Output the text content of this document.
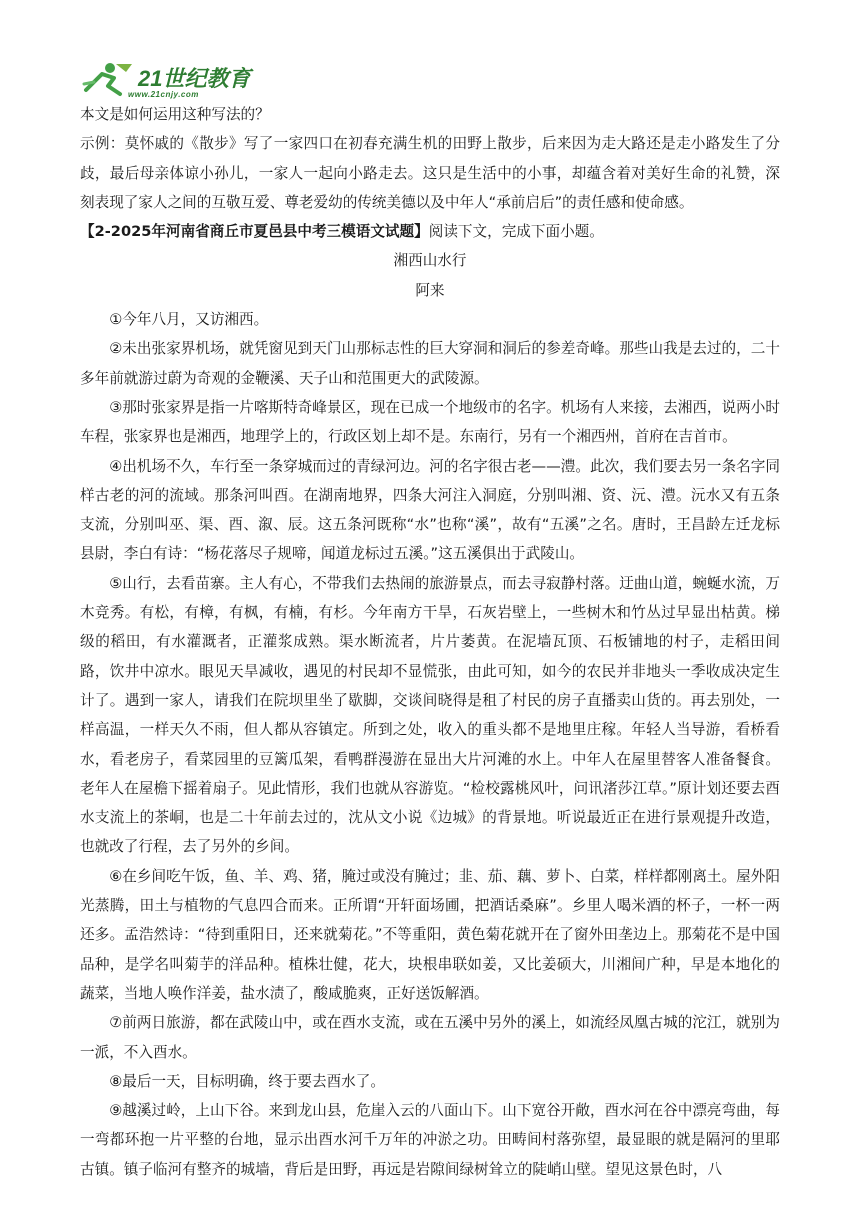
21世纪教育
www.21cnjy.com

本文是如何运用这种写法的？

示例：莫怀戚的《散步》写了一家四口在初春充满生机的田野上散步，后来因为走大路还是走小路发生了分歧，最后母亲体谅小孙儿，一家人一起向小路走去。这只是生活中的小事，却蕴含着对美好生命的礼赞，深刻表现了家人之间的互敬互爱、尊老爱幼的传统美德以及中年人“承前启后”的责任感和使命感。

【2-2025年河南省商丘市夏邑县中考三模语文试题】阅读下文，完成下面小题。

湘西山水行

阿来

①今年八月，又访湘西。

②未出张家界机场，就凭窗见到天门山那标志性的巨大穿洞和洞后的参差奇峰。那些山我是去过的，二十多年前就游过蔚为奇观的金鞭溪、天子山和范围更大的武陵源。

③那时张家界是指一片喀斯特奇峰景区，现在已成一个地级市的名字。机场有人来接，去湘西，说两小时车程，张家界也是湘西，地理学上的，行政区划上却不是。东南行，另有一个湘西州，首府在吉首市。

④出机场不久，车行至一条穿城而过的青绿河边。河的名字很古老——澧。此次，我们要去另一条名字同样古老的河的流域。那条河叫酉。在湖南地界，四条大河注入洞庭，分别叫湘、资、沅、澧。沅水又有五条支流，分别叫巫、渠、酉、溆、辰。这五条河既称“水”也称“溪”，故有“五溪”之名。唐时，王昌龄左迁龙标县尉，李白有诗：“杨花落尽子规啼，闻道龙标过五溪。”这五溪俱出于武陵山。

⑤山行，去看苗寨。主人有心，不带我们去热闹的旅游景点，而去寻寂静村落。迂曲山道，蜿蜒水流，万木竞秀。有松，有樟，有枫，有楠，有杉。今年南方干旱，石灰岩壁上，一些树木和竹丛过早显出枯黄。梯级的稻田，有水灌溉者，正灌浆成熟。渠水断流者，片片萎黄。在泥墙瓦顶、石板铺地的村子，走稻田间路，饮井中凉水。眼见天旱减收，遇见的村民却不显慌张，由此可知，如今的农民并非地头一季收成决定生计了。遇到一家人，请我们在院坝里坐了歇脚，交谈间晓得是租了村民的房子直播卖山货的。再去别处，一样高温，一样天久不雨，但人都从容镇定。所到之处，收入的重头都不是地里庄稼。年轻人当导游，看桥看水，看老房子，看菜园里的豆篱瓜架，看鸭群漫游在显出大片河滩的水上。中年人在屋里替客人准备餐食。老年人在屋檐下摇着扇子。见此情形，我们也就从容游览。“检校露桃风叶，问讯渚莎江草。”原计划还要去酉水支流上的茶峒，也是二十年前去过的，沈从文小说《边城》的背景地。听说最近正在进行景观提升改造，也就改了行程，去了另外的乡间。

⑥在乡间吃午饭，鱼、羊、鸡、猪，腌过或没有腌过；韭、茄、藕、萝卜、白菜，样样都刚离土。屋外阳光蒸腾，田土与植物的气息四合而来。正所谓“开轩面场圃，把酒话桑麻”。乡里人喝米酒的杯子，一杯一两还多。孟浩然诗：“待到重阳日，还来就菊花。”不等重阳，黄色菊花就开在了窗外田垄边上。那菊花不是中国品种，是学名叫菊芋的洋品种。植株壮健，花大，块根串联如姜，又比姜硕大，川湘间广种，早是本地化的蔬菜，当地人唤作洋姜，盐水渍了，酸咸脆爽，正好送饭解酒。

⑦前两日旅游，都在武陵山中，或在酉水支流，或在五溪中另外的溪上，如流经凤凰古城的沱江，就别为一派，不入酉水。

⑧最后一天，目标明确，终于要去酉水了。

⑨越溪过岭，上山下谷。来到龙山县，危崖入云的八面山下。山下宽谷开敞，酉水河在谷中漂亮弯曲，每一弯都环抱一片平整的台地，显示出酉水河千万年的冲淤之功。田畴间村落弥望，最显眼的就是隔河的里耶古镇。镇子临河有整齐的城墙，背后是田野，再远是岩隙间绿树耸立的陡峭山壁。望见这景色时，八
